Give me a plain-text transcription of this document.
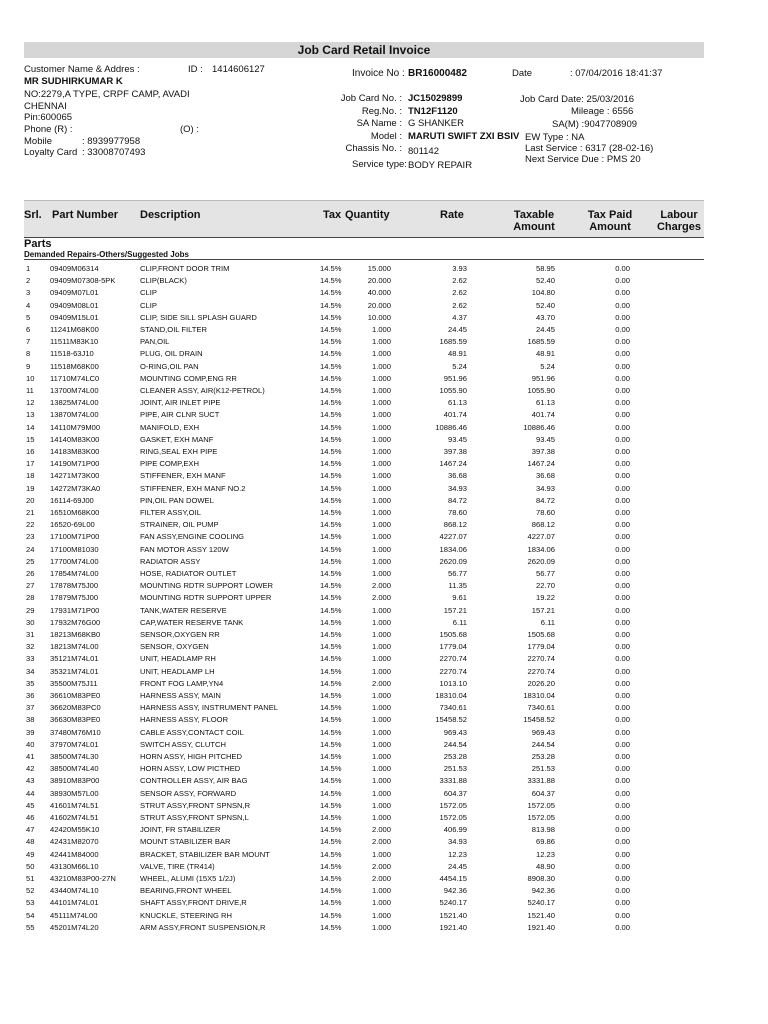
Job Card Retail Invoice
Customer Name & Addres :	ID : 1414606127
MR SUDHIRKUMAR K
NO:2279,A TYPE, CRPF CAMP, AVADI
CHENNAI
Pin:600065
Phone (R) :	(O) :
Mobile	: 8939977958
Loyalty Card : 33008707493
Invoice No : BR16000482	Date	: 07/04/2016 18:41:37
Job Card No. : JC15029899
Reg.No. : TN12F1120
SA Name : G SHANKER
Model : MARUTI SWIFT ZXI BSIV
Chassis No. : 801142
Service type: BODY REPAIR
Job Card Date: 25/03/2016
Mileage : 6556
SA(M) :9047708909
EW Type : NA
Last Service : 6317 (28-02-16)
Next Service Due : PMS 20
Srl. Part Number Description	Tax Quantity	Rate	Taxable
Amount
Tax Paid
Amount
Labour
Charges
Parts
Demanded Repairs-Others/Suggested Jobs
1	09409M06314	CLIP,FRONT DOOR TRIM	14.5%	15.000	3.93	58.95	0.00
2	09409M07308-5PK	CLIP(BLACK)	14.5%	20.000	2.62	52.40	0.00
3	09409M07L01	CLIP	14.5%	40.000	2.62	104.80	0.00
4	09409M08L01	CLIP	14.5%	20.000	2.62	52.40	0.00
5	09409M15L01	CLIP, SIDE SILL SPLASH GUARD	14.5%	10.000	4.37	43.70	0.00
6	11241M68K00	STAND,OIL FILTER	14.5%	1.000	24.45	24.45	0.00
7	11511M83K10	PAN,OIL	14.5%	1.000	1685.59	1685.59	0.00
8	11518-63J10	PLUG, OIL DRAIN	14.5%	1.000	48.91	48.91	0.00
9	11518M68K00	O-RING,OIL PAN	14.5%	1.000	5.24	5.24	0.00
10 11710M74LC0	MOUNTING COMP,ENG RR	14.5%	1.000	951.96	951.96	0.00
11 13700M74L00	CLEANER ASSY, AIR(K12-PETROL)	14.5%	1.000	1055.90	1055.90	0.00
12 13825M74L00	JOINT, AIR INLET PIPE	14.5%	1.000	61.13	61.13	0.00
13 13870M74L00	PIPE, AIR CLNR SUCT	14.5%	1.000	401.74	401.74	0.00
14 14110M79M00	MANIFOLD, EXH	14.5%	1.000	10886.46	10886.46	0.00
15 14140M83K00	GASKET, EXH MANF	14.5%	1.000	93.45	93.45	0.00
16 14183M83K00	RING,SEAL EXH PIPE	14.5%	1.000	397.38	397.38	0.00
17 14190M71P00	PIPE COMP,EXH	14.5%	1.000	1467.24	1467.24	0.00
18 14271M73K00	STIFFENER, EXH MANF	14.5%	1.000	36.68	36.68	0.00
19 14272M73KA0	STIFFENER, EXH MANF NO.2	14.5%	1.000	34.93	34.93	0.00
20 16114-69J00	PIN,OIL PAN DOWEL	14.5%	1.000	84.72	84.72	0.00
21 16510M68K00	FILTER ASSY,OIL	14.5%	1.000	78.60	78.60	0.00
22 16520-69L00	STRAINER, OIL PUMP	14.5%	1.000	868.12	868.12	0.00
23 17100M71P00	FAN ASSY,ENGINE COOLING	14.5%	1.000	4227.07	4227.07	0.00
24 17100M81030	FAN MOTOR ASSY 120W	14.5%	1.000	1834.06	1834.06	0.00
25 17700M74L00	RADIATOR ASSY	14.5%	1.000	2620.09	2620.09	0.00
26 17854M74L00	HOSE, RADIATOR OUTLET	14.5%	1.000	56.77	56.77	0.00
27 17878M75J00	MOUNTING RDTR SUPPORT LOWER	14.5%	2.000	11.35	22.70	0.00
28 17879M75J00	MOUNTING RDTR SUPPORT UPPER	14.5%	2.000	9.61	19.22	0.00
29 17931M71P00	TANK,WATER RESERVE	14.5%	1.000	157.21	157.21	0.00
30 17932M76G00	CAP,WATER RESERVE TANK	14.5%	1.000	6.11	6.11	0.00
31 18213M68KB0	SENSOR,OXYGEN RR	14.5%	1.000	1505.68	1505.68	0.00
32 18213M74L00	SENSOR, OXYGEN	14.5%	1.000	1779.04	1779.04	0.00
33 35121M74L01	UNIT, HEADLAMP RH	14.5%	1.000	2270.74	2270.74	0.00
34 35321M74L01	UNIT, HEADLAMP LH	14.5%	1.000	2270.74	2270.74	0.00
35 35500M75J11	FRONT FOG LAMP,YN4	14.5%	2.000	1013.10	2026.20	0.00
36 36610M83PE0	HARNESS ASSY, MAIN	14.5%	1.000	18310.04	18310.04	0.00
37 36620M83PC0	HARNESS ASSY, INSTRUMENT PANEL	14.5%	1.000	7340.61	7340.61	0.00
38 36630M83PE0	HARNESS ASSY, FLOOR	14.5%	1.000	15458.52	15458.52	0.00
39 37480M76M10	CABLE ASSY,CONTACT COIL	14.5%	1.000	969.43	969.43	0.00
40 37970M74L01	SWITCH ASSY, CLUTCH	14.5%	1.000	244.54	244.54	0.00
41 38500M74L30	HORN ASSY, HIGH PITCHED	14.5%	1.000	253.28	253.28	0.00
42 38500M74L40	HORN ASSY, LOW PICTHED	14.5%	1.000	251.53	251.53	0.00
43 38910M83P00	CONTROLLER ASSY, AIR BAG	14.5%	1.000	3331.88	3331.88	0.00
44 38930M57L00	SENSOR ASSY, FORWARD	14.5%	1.000	604.37	604.37	0.00
45 41601M74L51	STRUT ASSY,FRONT SPNSN,R	14.5%	1.000	1572.05	1572.05	0.00
46 41602M74L51	STRUT ASSY,FRONT SPNSN,L	14.5%	1.000	1572.05	1572.05	0.00
47 42420M55K10	JOINT, FR STABILIZER	14.5%	2.000	406.99	813.98	0.00
48 42431M82070	MOUNT STABILIZER BAR	14.5%	2.000	34.93	69.86	0.00
49 42441M84000	BRACKET, STABILIZER BAR MOUNT	14.5%	1.000	12.23	12.23	0.00
50 43130M66L10	VALVE, TIRE (TR414)	14.5%	2.000	24.45	48.90	0.00
51 43210M83P00-27N	WHEEL, ALUMI (15X5 1/2J)	14.5%	2.000	4454.15	8908.30	0.00
52 43440M74L10	BEARING,FRONT WHEEL	14.5%	1.000	942.36	942.36	0.00
53 44101M74L01	SHAFT ASSY,FRONT DRIVE,R	14.5%	1.000	5240.17	5240.17	0.00
54 45111M74L00	KNUCKLE, STEERING RH	14.5%	1.000	1521.40	1521.40	0.00
55 45201M74L20	ARM ASSY,FRONT SUSPENSION,R	14.5%	1.000	1921.40	1921.40	0.00
